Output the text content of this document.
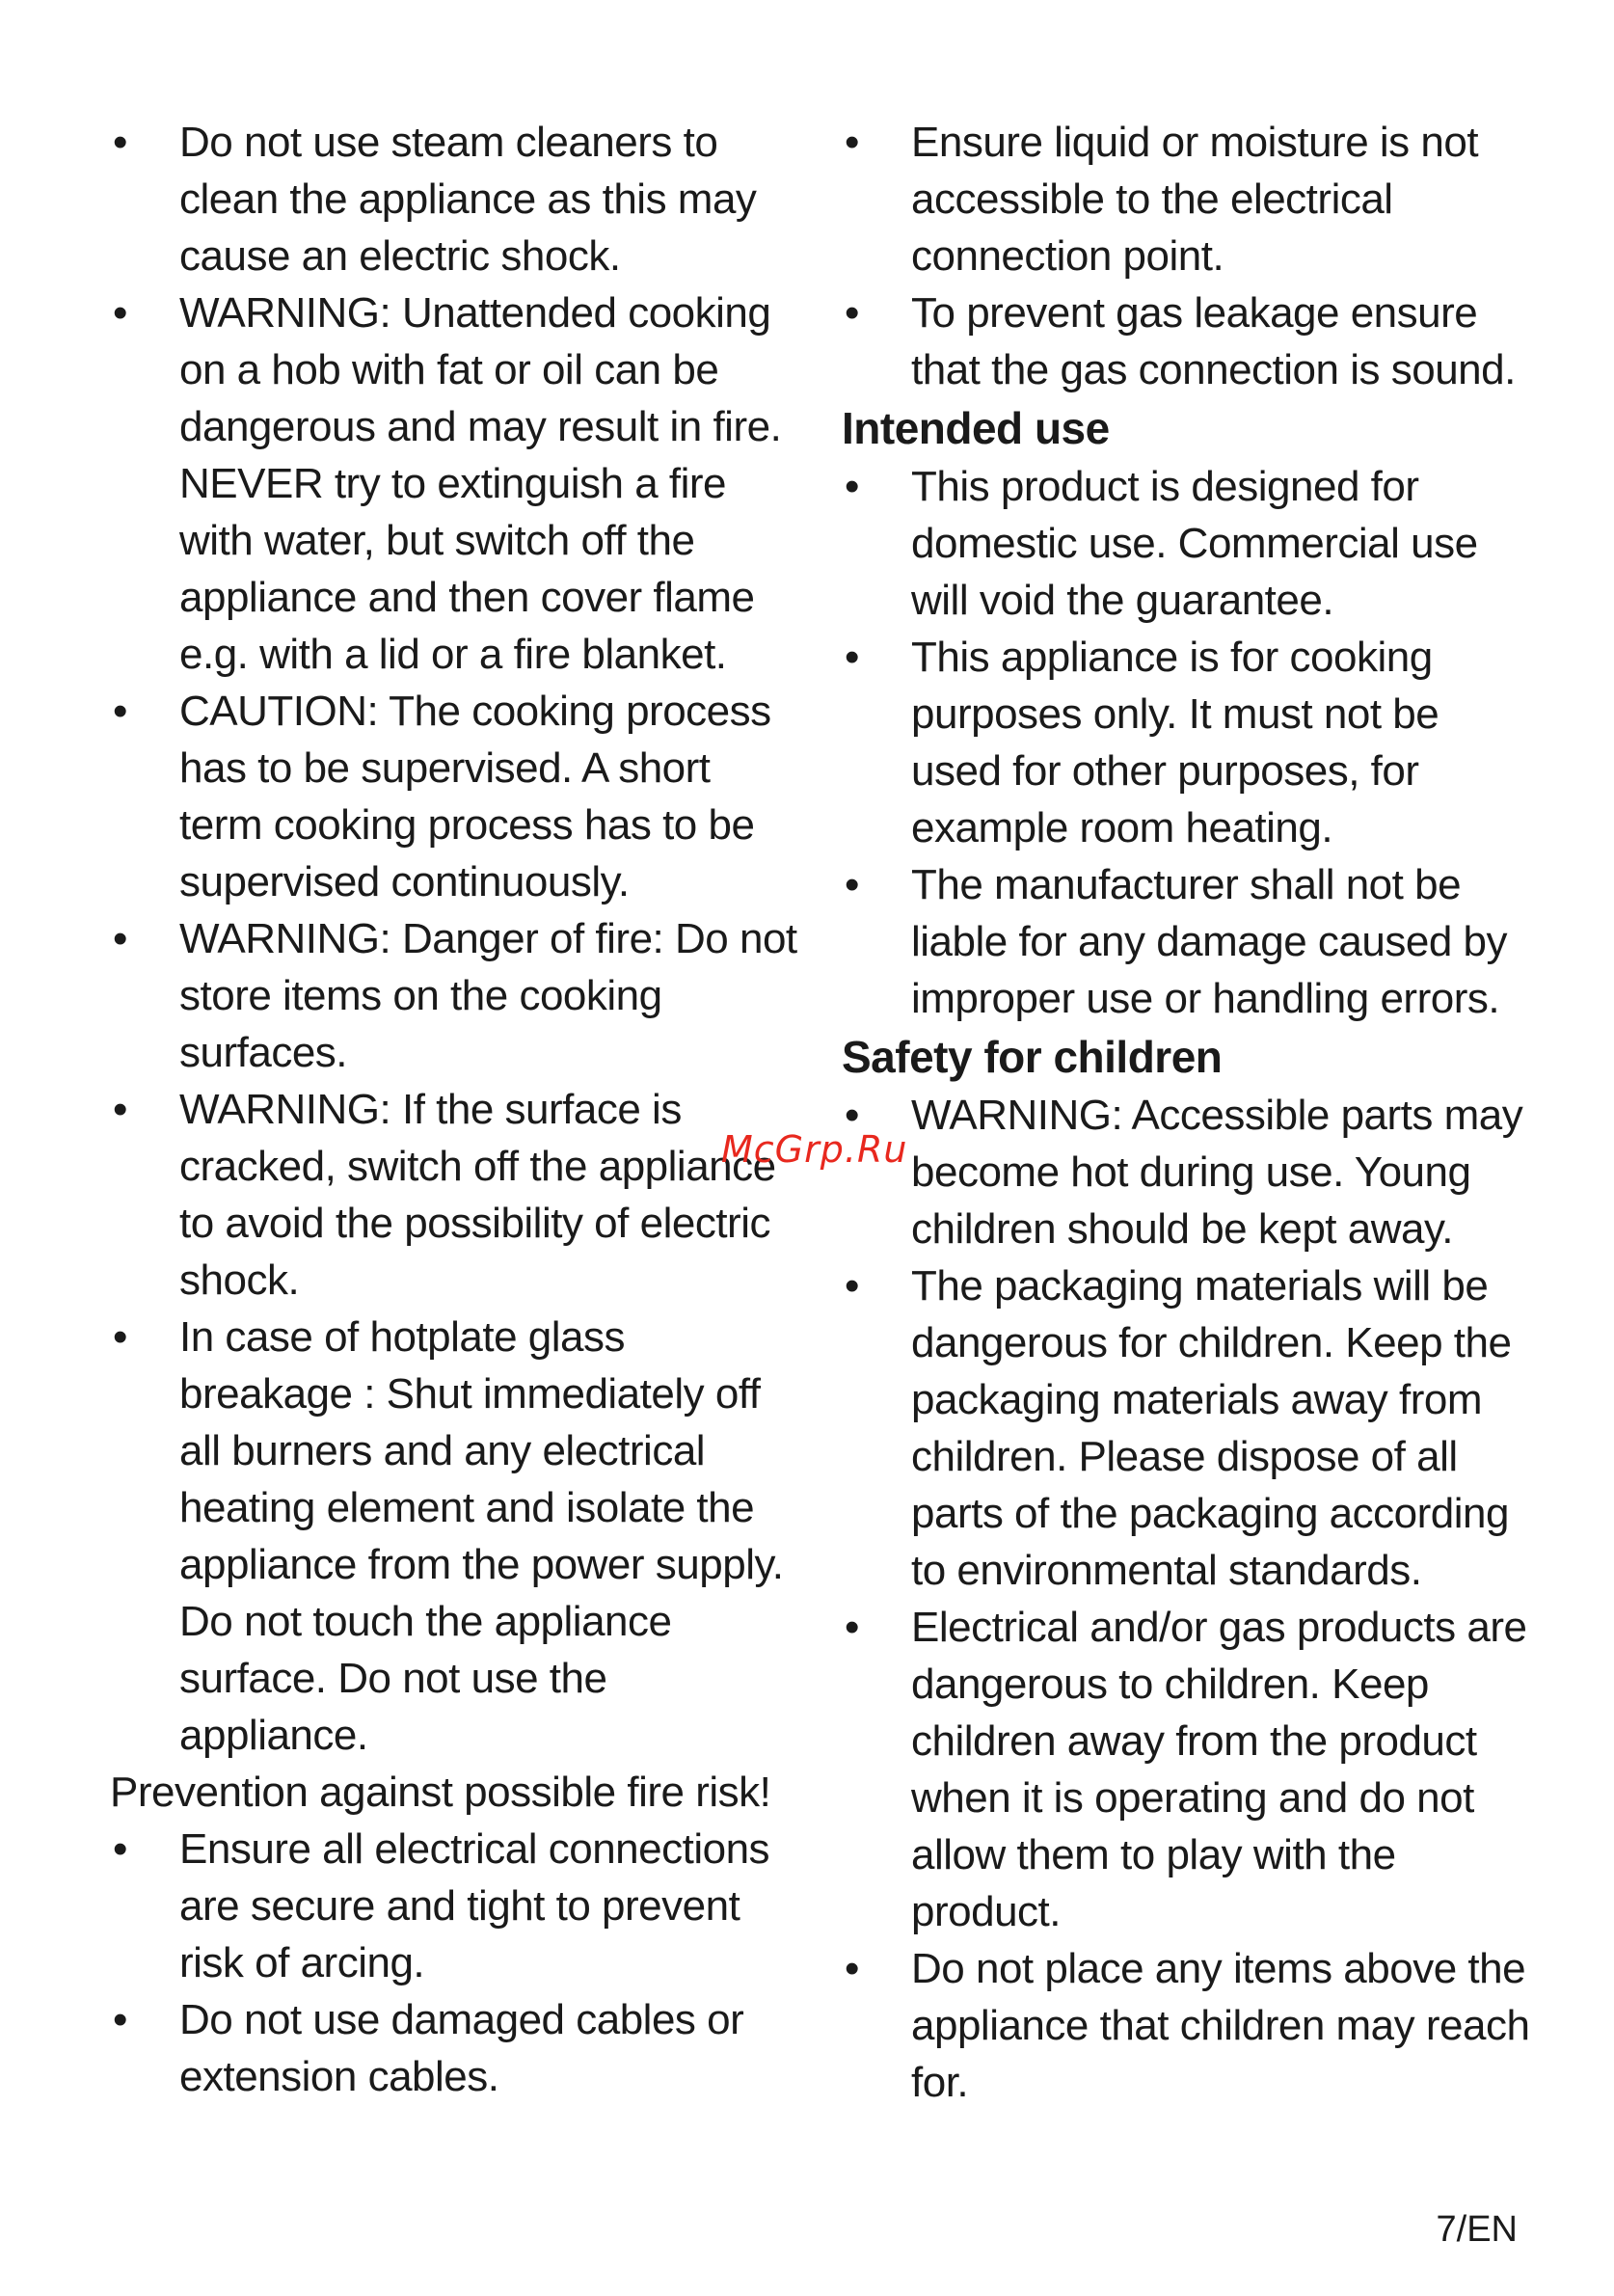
•	Do not use steam cleaners to clean the appliance as this may cause an electric shock.
•	WARNING: Unattended cooking on a hob with fat or oil can be dangerous and may result in fire. NEVER try to extinguish a fire with water, but switch off the appliance and then cover flame e.g. with a lid or a fire blanket.
•	CAUTION: The cooking process has to be supervised. A short term cooking process has to be supervised continuously.
•	WARNING: Danger of fire: Do not store items on the cooking surfaces.
•	WARNING: If the surface is cracked, switch off the appliance to avoid the possibility of electric shock.
•	In case of hotplate glass breakage : Shut immediately off all burners and any electrical heating element and isolate the appliance from the power supply. Do not touch the appliance surface. Do not use the appliance.

Prevention against possible fire risk!

•	Ensure all electrical connections are secure and tight to prevent risk of arcing.
•	Do not use damaged cables or extension cables.
•	Ensure liquid or moisture is not accessible to the electrical connection point.
•	To prevent gas leakage ensure that the gas connection is sound.
Intended use
•	This product is designed for domestic use. Commercial use will void the guarantee.
•	This appliance is for cooking purposes only. It must not be used for other purposes, for example room heating.
•	The manufacturer shall not be liable for any damage caused by improper use or handling errors.
Safety for children
•	WARNING: Accessible parts may become hot during use. Young children should be kept away.
•	The packaging materials will be dangerous for children. Keep the packaging materials away from children. Please dispose of all parts of the packaging according to environmental standards.
•	Electrical and/or gas products are dangerous to children. Keep children away from the product when it is operating and do not allow them to play with the product.
•	Do not place any items above the appliance that children may reach for.
McGrp.Ru
7/EN
